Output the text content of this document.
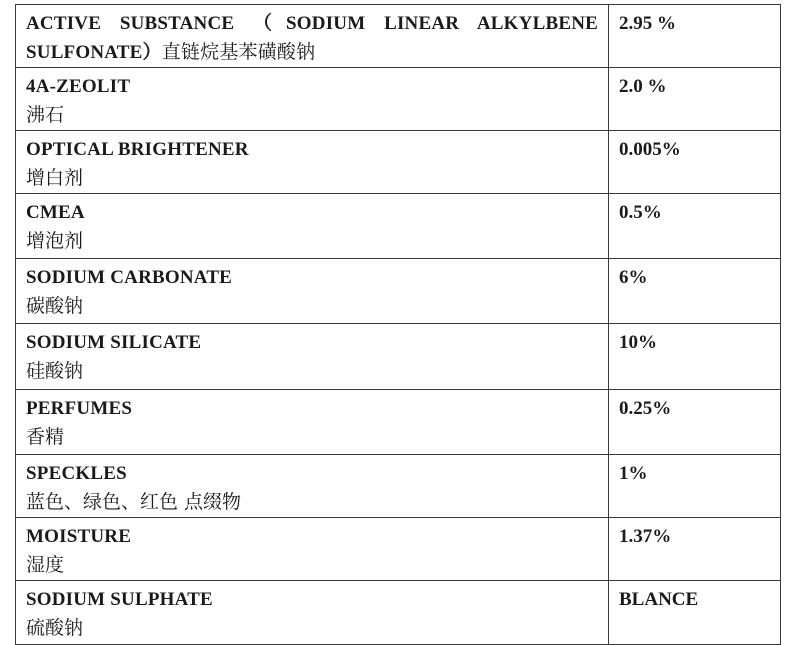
ACTIVE SUBSTANCE （SODIUM LINEAR ALKYLBENE
SULFONATE）直链烷基苯磺酸钠	2.95 %

4A-ZEOLIT
沸石	2.0 %

OPTICAL BRIGHTENER
增白剂	0.005%

CMEA
增泡剂	0.5%

SODIUM CARBONATE
碳酸钠	6%

SODIUM SILICATE
硅酸钠	10%

PERFUMES
香精	0.25%

SPECKLES
蓝色、绿色、红色 点缀物	1%

MOISTURE
湿度	1.37%

SODIUM SULPHATE
硫酸钠	BLANCE
